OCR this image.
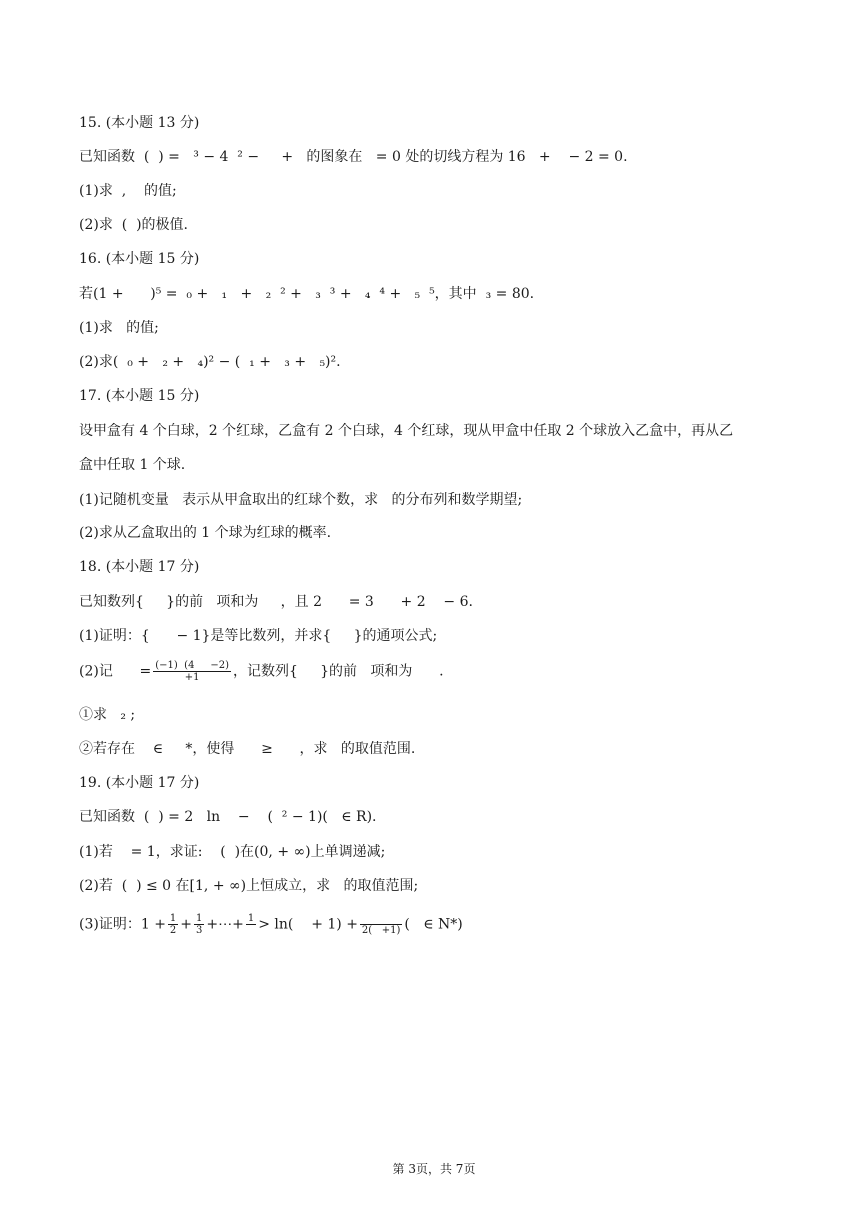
15. (本小题 13 分)
已知函数  (  ) =   ³ − 4  ² −     +   的图象在   = 0 处的切线方程为 16   +    − 2 = 0.
(1)求  ,    的值;
(2)求  (  )的极值.
16. (本小题 15 分)
若(1 +      )⁵ =  ₀ +   ₁   +   ₂  ² +   ₃  ³ +   ₄  ⁴ +   ₅  ⁵，其中  ₃ = 80.
(1)求   的值;
(2)求(  ₀ +   ₂ +   ₄)² − (  ₁ +   ₃ +   ₅)².
17. (本小题 15 分)
设甲盒有 4 个白球，2 个红球，乙盒有 2 个白球，4 个红球，现从甲盒中任取 2 个球放入乙盒中，再从乙
盒中任取 1 个球.
(1)记随机变量   表示从甲盒取出的红球个数，求   的分布列和数学期望;
(2)求从乙盒取出的 1 个球为红球的概率.
18. (本小题 17 分)
已知数列{     }的前   项和为     ，且 2      = 3      + 2    − 6.
(1)证明：{      − 1}是等比数列，并求{     }的通项公式;
(2)记      = $\frac{(-1) (4 -2)}{+1}$ ，记数列{     }的前   项和为      .
①求   ₂ ;
②若存在    ∈     *，使得      ≥      ，求   的取值范围.
19. (本小题 17 分)
已知函数  (  ) = 2   ln    −    (  ² − 1)(   ∈ R).
(1)若    = 1，求证:    (  )在(0, + ∞)上单调递减;
(2)若  (  ) ≤ 0 在[1, + ∞)上恒成立，求   的取值范围;
(3)证明：$1 + \frac{1}{2} + \frac{1}{3}$ +⋯+ 1
> ln(    + 1) +
2(   +1) (   ∈ N*)
第 3页，共 7页
